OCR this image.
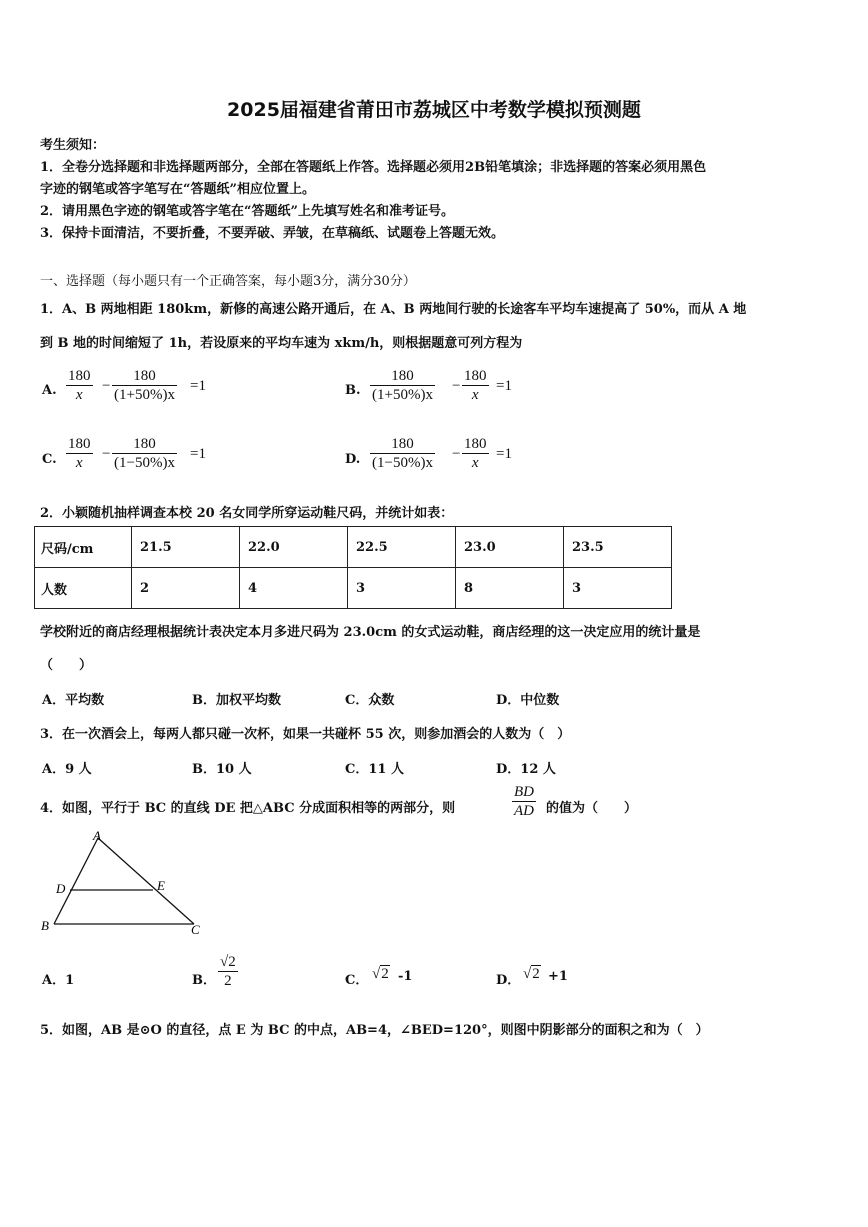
2025届福建省莆田市荔城区中考数学模拟预测题
考生须知：
1．全卷分选择题和非选择题两部分，全部在答题纸上作答。选择题必须用2B铅笔填涂；非选择题的答案必须用黑色
字迹的钢笔或答字笔写在“答题纸”相应位置上。
2．请用黑色字迹的钢笔或答字笔在“答题纸”上先填写姓名和准考证号。
3．保持卡面清洁，不要折叠，不要弄破、弄皱，在草稿纸、试题卷上答题无效。
一、选择题（每小题只有一个正确答案，每小题3分，满分30分）
1．A、B 两地相距 180km，新修的高速公路开通后，在 A、B 两地间行驶的长途客车平均车速提高了 50%，而从 A 地
到 B 地的时间缩短了 1h，若设原来的平均车速为 xkm/h，则根据题意可列方程为
A. $\frac{180}{x} - \frac{180}{(1+50\%)x} =1$	B. $\frac{180}{(1+50\%)x} - \frac{180}{x} =1$
C. $\frac{180}{x} - \frac{180}{(1-50\%)x} =1$	D. $\frac{180}{(1-50\%)x} - \frac{180}{x} =1$
2．小颖随机抽样调查本校 20 名女同学所穿运动鞋尺码，并统计如表：
尺码/cm	21.5	22.0	22.5	23.0	23.5
人数	2	4	3	8	3
学校附近的商店经理根据统计表决定本月多进尺码为 23.0cm 的女式运动鞋，商店经理的这一决定应用的统计量是
（　　）
A．平均数	B．加权平均数	C．众数	D．中位数
3．在一次酒会上，每两人都只碰一次杯，如果一共碰杯 55 次，则参加酒会的人数为（　）
A．9 人	B．10 人	C．11 人	D．12 人
4．如图，平行于 BC 的直线 DE 把△ABC 分成面积相等的两部分，则	$\frac{BD}{AD}$ 的值为（　　）
A
D	E
B	C
A．1	B． $\frac{√2}{2}$	C． √2 -1	D． √2 +1
5．如图，AB 是⊙O 的直径，点 E 为 BC 的中点，AB=4，∠BED=120°，则图中阴影部分的面积之和为（　）
